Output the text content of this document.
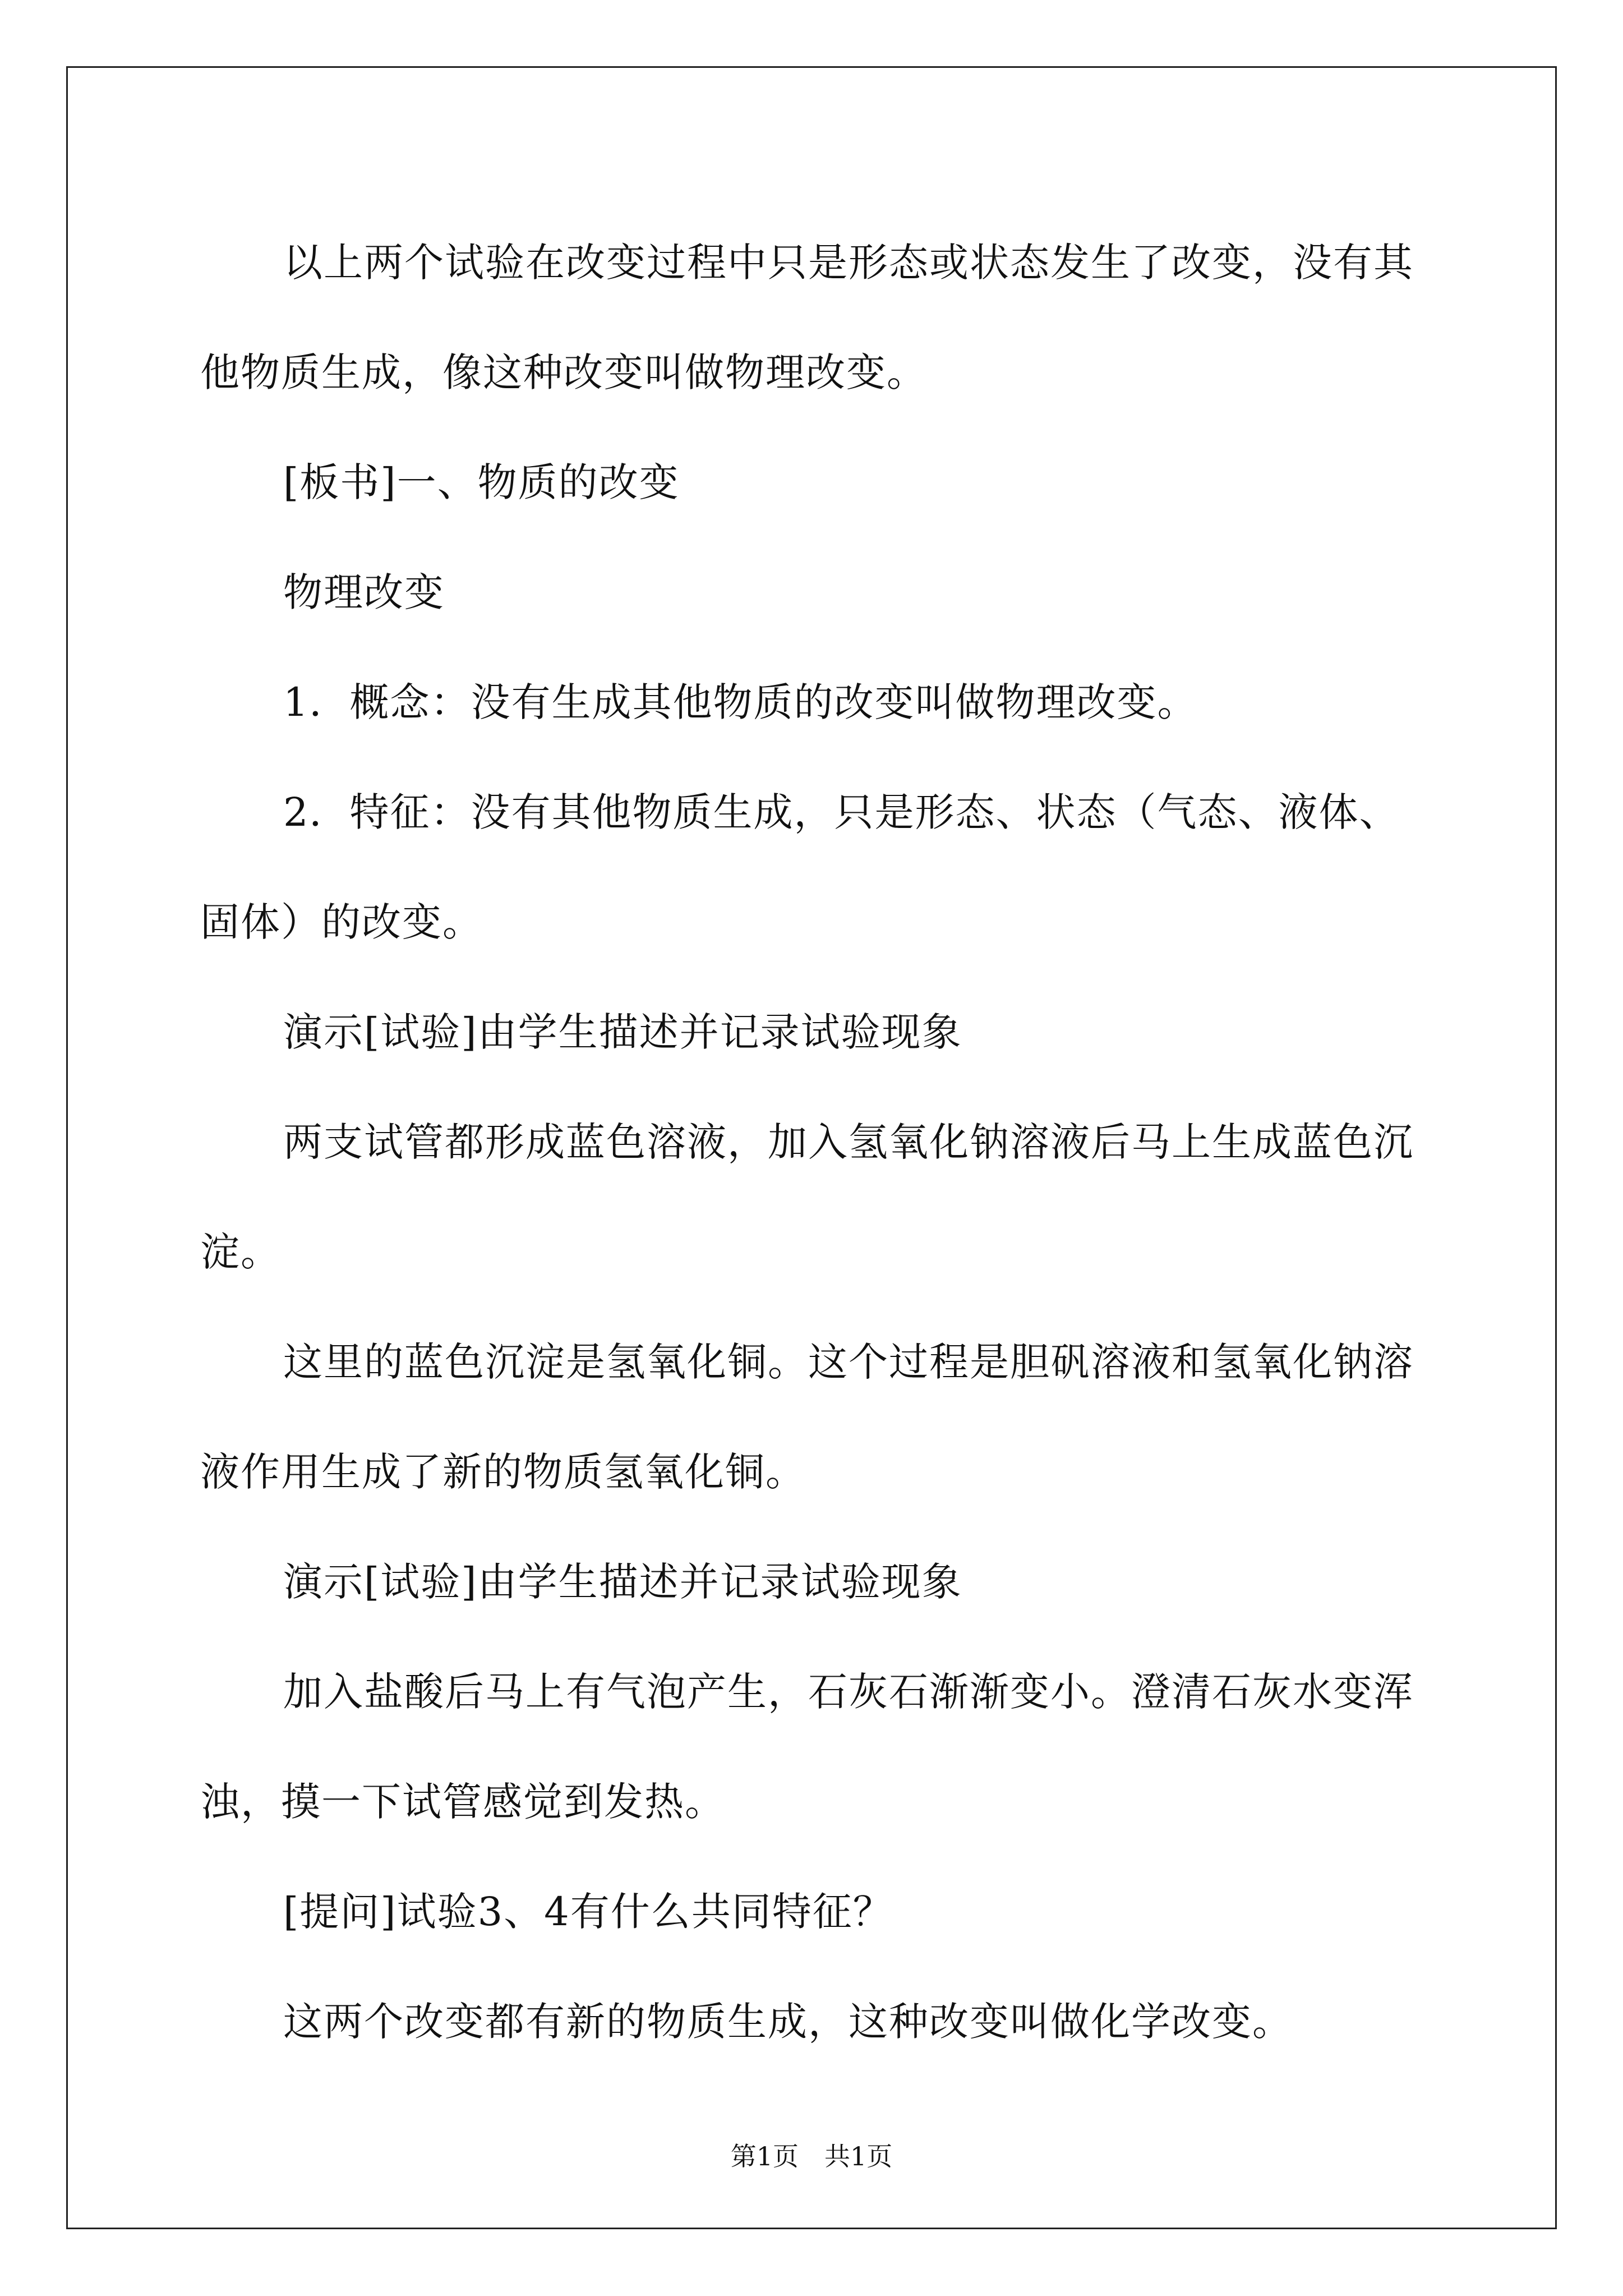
以上两个试验在改变过程中只是形态或状态发生了改变，没有其他物质生成，像这种改变叫做物理改变。

[板书]一、物质的改变

物理改变

1．概念：没有生成其他物质的改变叫做物理改变。

2．特征：没有其他物质生成，只是形态、状态（气态、液体、固体）的改变。

演示[试验]由学生描述并记录试验现象

两支试管都形成蓝色溶液，加入氢氧化钠溶液后马上生成蓝色沉淀。

这里的蓝色沉淀是氢氧化铜。这个过程是胆矾溶液和氢氧化钠溶液作用生成了新的物质氢氧化铜。

演示[试验]由学生描述并记录试验现象

加入盐酸后马上有气泡产生，石灰石渐渐变小。澄清石灰水变浑浊，摸一下试管感觉到发热。

[提问]试验3、4有什么共同特征？

这两个改变都有新的物质生成，这种改变叫做化学改变。

第1页　共1页
